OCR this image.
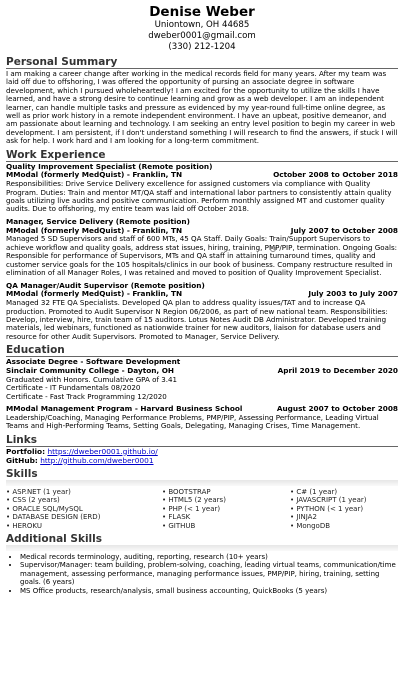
Denise Weber
Uniontown, OH 44685
dweber0001@gmail.com
(330) 212-1204
Personal Summary

I am making a career change after working in the medical records field for many years. After my team was laid off due to offshoring, I was offered the opportunity of pursing an associate degree in software development, which I pursued wholeheartedly! I am excited for the opportunity to utilize the skills I have learned, and have a strong desire to continue learning and grow as a web developer. I am an independent learner, can handle multiple tasks and pressure as evidenced by my year-round full-time online degree, as well as prior work history in a remote independent environment. I have an upbeat, positive demeanor, and am passionate about learning and technology. I am seeking an entry level position to begin my career in web development. I am persistent, if I don't understand something I will research to find the answers, if stuck I will ask for help. I work hard and I am looking for a long-term commitment.

Work Experience
Quality Improvement Specialist (Remote position)
MModal (formerly MedQuist) - Franklin, TN	October 2008 to October 2018
Responsibilities: Drive Service Delivery excellence for assigned customers via compliance with Quality Program. Duties: Train and mentor MT/QA staff and international labor partners to consistently attain quality goals utilizing live audits and positive communication. Perform monthly assigned MT and customer quality audits. Due to offshoring, my entire team was laid off October 2018.
Manager, Service Delivery (Remote position)
MModal (formerly MedQuist) - Franklin, TN	July 2007 to October 2008
Managed 5 SD Supervisors and staff of 600 MTs, 45 QA Staff. Daily Goals: Train/Support Supervisors to achieve workflow and quality goals, address stat issues, hiring, training, PMP/PIP, termination. Ongoing Goals: Responsible for performance of Supervisors, MTs and QA staff in attaining turnaround times, quality and customer service goals for the 105 hospitals/clinics in our book of business. Company restructure resulted in elimination of all Manager Roles, I was retained and moved to position of Quality Improvement Specialist.
QA Manager/Audit Supervisor (Remote position)
MModal (formerly MedQuist) - Franklin, TN	July 2003 to July 2007
Managed 32 FTE QA Specialists. Developed QA plan to address quality issues/TAT and to increase QA production. Promoted to Audit Supervisor N Region 06/2006, as part of new national team. Responsibilities: Develop, interview, hire, train team of 15 auditors. Lotus Notes Audit DB Administrator. Developed training materials, led webinars, functioned as nationwide trainer for new auditors, liaison for database users and resource for other Audit Supervisors. Promoted to Manager, Service Delivery.
Education
Associate Degree - Software Development
Sinclair Community College - Dayton, OH	April 2019 to December 2020
Graduated with Honors. Cumulative GPA of 3.41
Certificate - IT Fundamentals 08/2020
Certificate - Fast Track Programming 12/2020
MModal Management Program - Harvard Business School	August 2007 to October 2008
Leadership/Coaching, Managing Performance Problems, PMP/PIP, Assessing Performance, Leading Virtual Teams and High-Performing Teams, Setting Goals, Delegating, Managing Crises, Time Management.
Links
Portfolio: https://dweber0001.github.io/
GitHub: http://github.com/dweber0001
Skills
• ASP.NET (1 year)	• BOOTSTRAP	• C# (1 year)
• CSS (2 years)	• HTML5 (2 years)	• JAVASCRIPT (1 year)
• ORACLE SQL/MySQL	• PHP (< 1 year)	• PYTHON (< 1 year)
• DATABASE DESIGN (ERD)	• FLASK	• JINJA2
• HEROKU	• GITHUB	• MongoDB
Additional Skills
• Medical records terminology, auditing, reporting, research (10+ years)
• Supervisor/Manager: team building, problem-solving, coaching, leading virtual teams, communication/time management, assessing performance, managing performance issues, PMP/PIP, hiring, training, setting goals. (6 years)
• MS Office products, research/analysis, small business accounting, QuickBooks (5 years)
